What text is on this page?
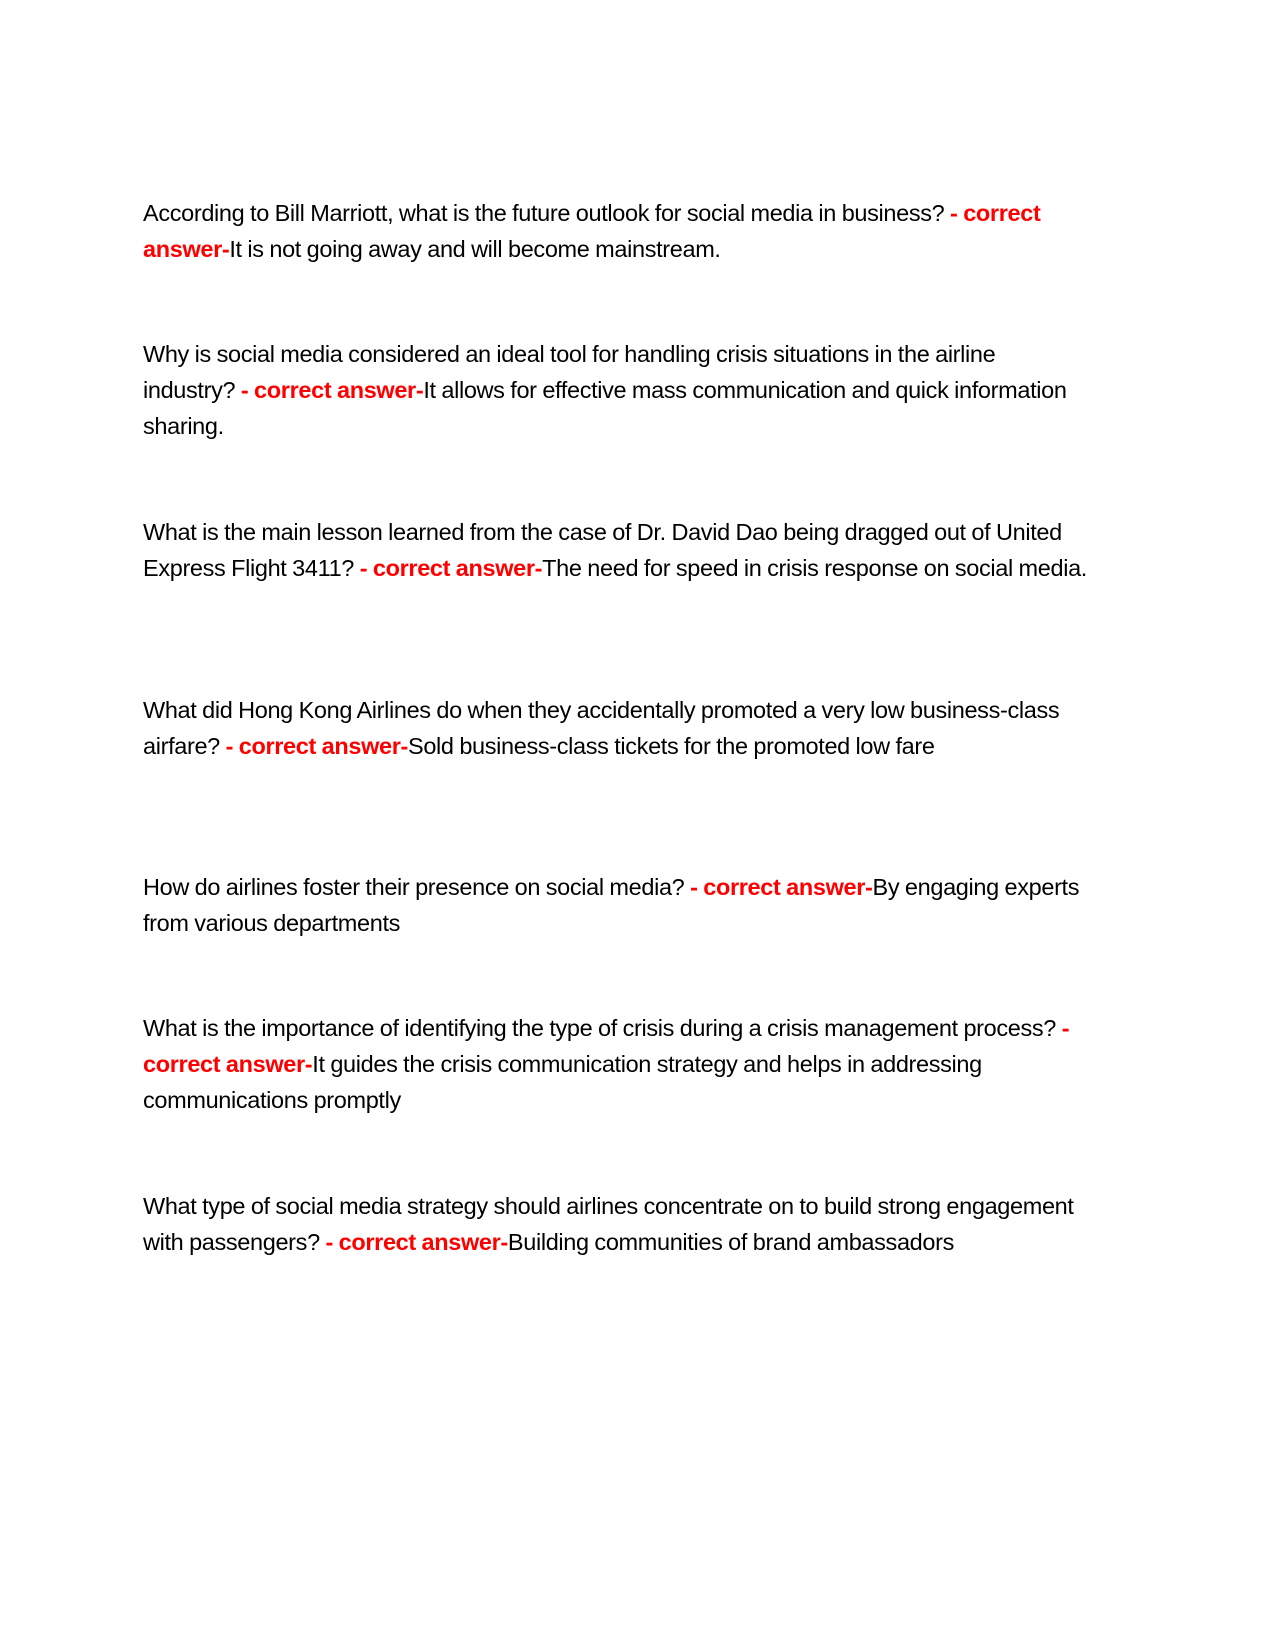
According to Bill Marriott, what is the future outlook for social media in business? - correct answer-It is not going away and will become mainstream.

Why is social media considered an ideal tool for handling crisis situations in the airline industry? - correct answer-It allows for effective mass communication and quick information sharing.

What is the main lesson learned from the case of Dr. David Dao being dragged out of United Express Flight 3411? - correct answer-The need for speed in crisis response on social media.

What did Hong Kong Airlines do when they accidentally promoted a very low business-class airfare? - correct answer-Sold business-class tickets for the promoted low fare

How do airlines foster their presence on social media? - correct answer-By engaging experts from various departments

What is the importance of identifying the type of crisis during a crisis management process? - correct answer-It guides the crisis communication strategy and helps in addressing communications promptly

What type of social media strategy should airlines concentrate on to build strong engagement with passengers? - correct answer-Building communities of brand ambassadors
